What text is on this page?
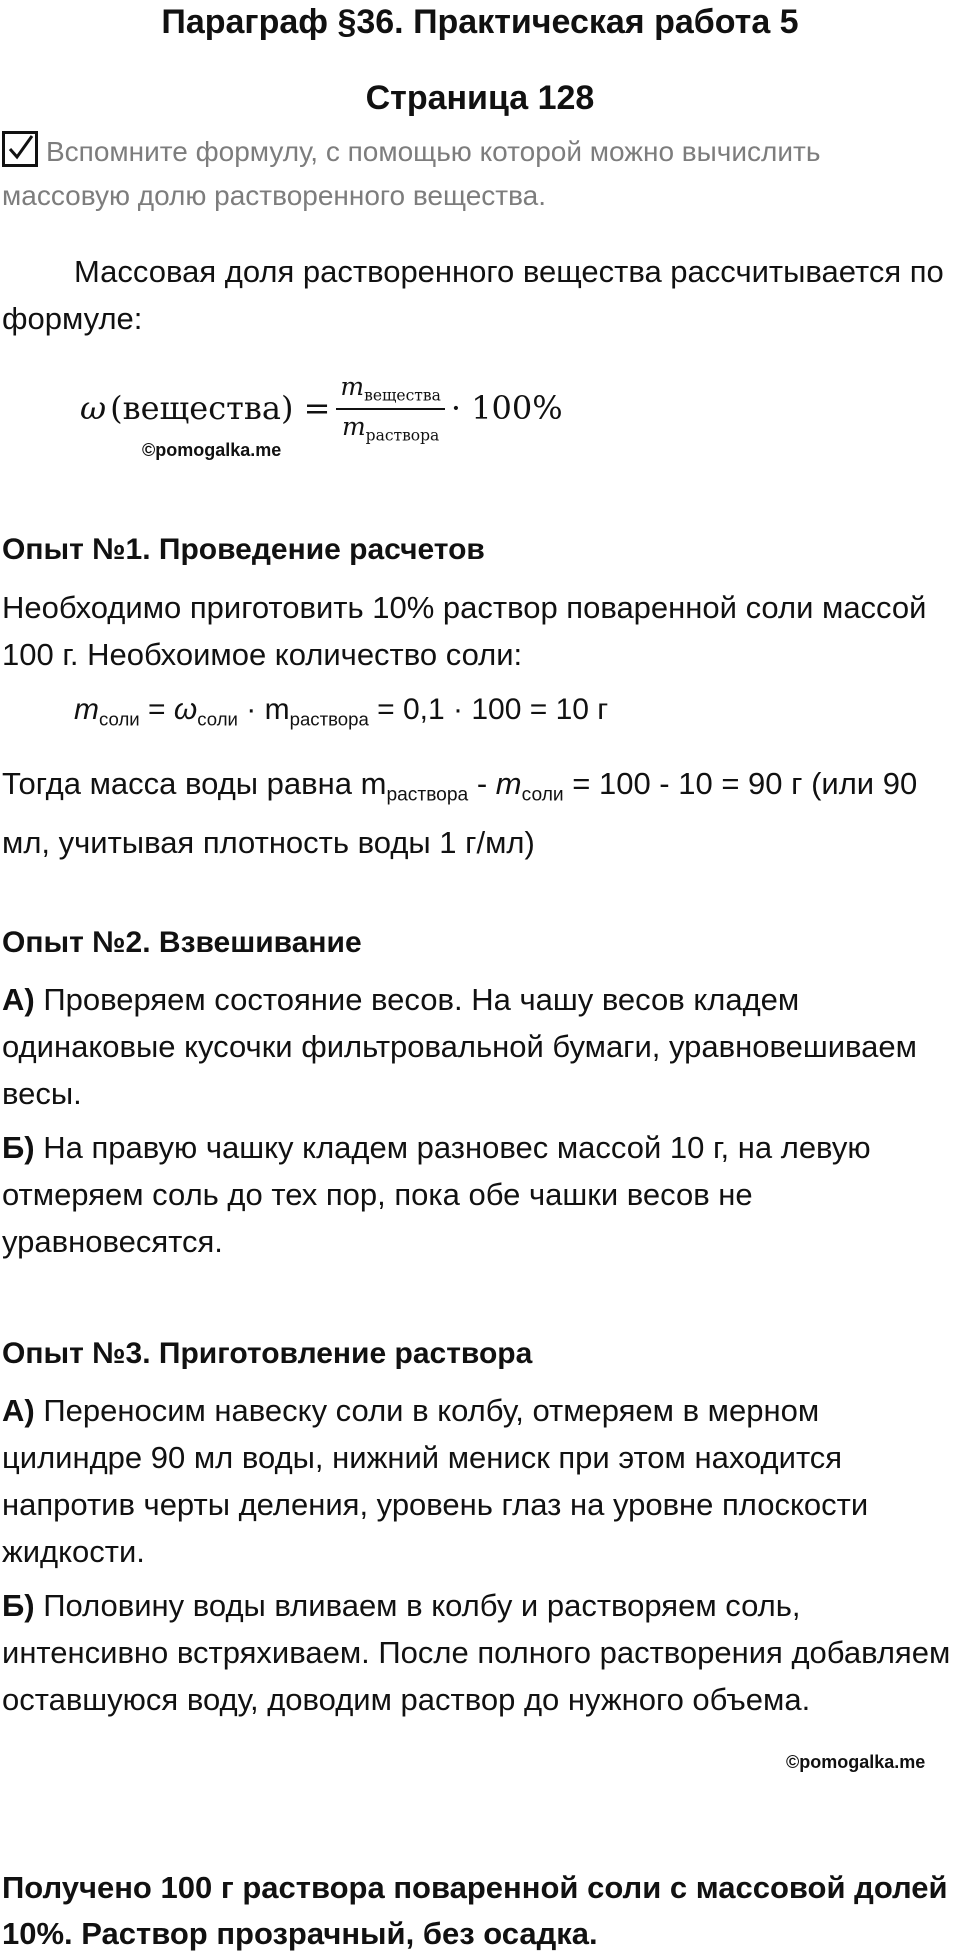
Параграф §36. Практическая работа 5
Страница 128
Вспомните формулу, с помощью которой можно вычислить массовую долю растворенного вещества.

Массовая доля растворенного вещества рассчитывается по формуле:

ω (вещества) = $\frac{m_{вещества}}{m_{раствора}} \cdot 100\%$
©pomogalka.me
Опыт №1. Проведение расчетов

Необходимо приготовить 10% раствор поваренной соли массой 100 г. Необхоимое количество соли:

$m_{соли} = \omega_{соли} \cdot m_{раствора} = 0,1 \cdot 100 = 10$ г

Тогда масса воды равна $m_{раствора} - m_{соли} = 100 - 10 = 90$ г (или 90 мл, учитывая плотность воды 1 г/мл)

Опыт №2. Взвешивание

А) Проверяем состояние весов. На чашу весов кладем одинаковые кусочки фильтровальной бумаги, уравновешиваем весы.

Б) На правую чашку кладем разновес массой 10 г, на левую отмеряем соль до тех пор, пока обе чашки весов не уравновесятся.

Опыт №3. Приготовление раствора

А) Переносим навеску соли в колбу, отмеряем в мерном цилиндре 90 мл воды, нижний мениск при этом находится напротив черты деления, уровень глаз на уровне плоскости жидкости.

Б) Половину воды вливаем в колбу и растворяем соль, интенсивно встряхиваем. После полного растворения добавляем оставшуюся воду, доводим раствор до нужного объема.

©pomogalka.me

Получено 100 г раствора поваренной соли с массовой долей 10%. Раствор прозрачный, без осадка.
